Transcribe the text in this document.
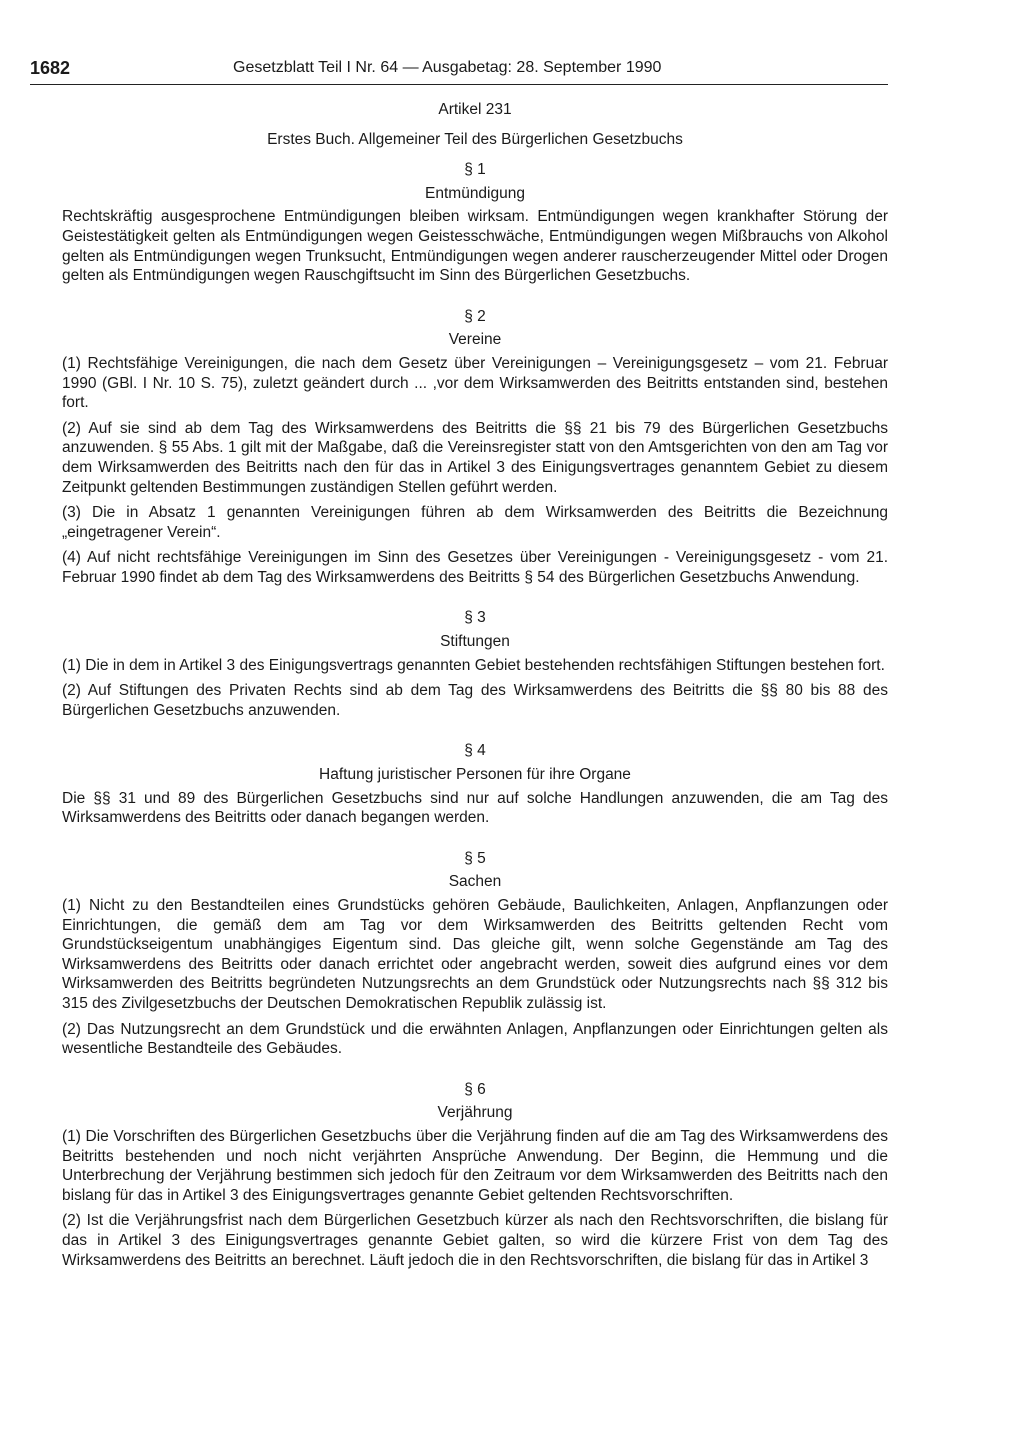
1682	Gesetzblatt Teil I Nr. 64 — Ausgabetag: 28. September 1990
Artikel 231
Erstes Buch. Allgemeiner Teil des Bürgerlichen Gesetzbuchs
§ 1
Entmündigung

Rechtskräftig ausgesprochene Entmündigungen bleiben wirksam. Entmündigungen wegen krankhafter Störung der Geistestätigkeit gelten als Entmündigungen wegen Geistesschwäche, Entmündigungen wegen Mißbrauchs von Alkohol gelten als Entmündigungen wegen Trunksucht, Entmündigungen wegen anderer rauscherzeugender Mittel oder Drogen gelten als Entmündigungen wegen Rauschgiftsucht im Sinn des Bürgerlichen Gesetzbuchs.

§ 2
Vereine

(1) Rechtsfähige Vereinigungen, die nach dem Gesetz über Vereinigungen – Vereinigungsgesetz – vom 21. Februar 1990 (GBl. I Nr. 10 S. 75), zuletzt geändert durch ... ,vor dem Wirksamwerden des Beitritts entstanden sind, bestehen fort.

(2) Auf sie sind ab dem Tag des Wirksamwerdens des Beitritts die §§ 21 bis 79 des Bürgerlichen Gesetzbuchs anzuwenden. § 55 Abs. 1 gilt mit der Maßgabe, daß die Vereinsregister statt von den Amtsgerichten von den am Tag vor dem Wirksamwerden des Beitritts nach den für das in Artikel 3 des Einigungsvertrages genanntem Gebiet zu diesem Zeitpunkt geltenden Bestimmungen zuständigen Stellen geführt werden.

(3) Die in Absatz 1 genannten Vereinigungen führen ab dem Wirksamwerden des Beitritts die Bezeichnung „eingetragener Verein“.

(4) Auf nicht rechtsfähige Vereinigungen im Sinn des Gesetzes über Vereinigungen - Vereinigungsgesetz - vom 21. Februar 1990 findet ab dem Tag des Wirksamwerdens des Beitritts § 54 des Bürgerlichen Gesetzbuchs Anwendung.

§ 3
Stiftungen

(1) Die in dem in Artikel 3 des Einigungsvertrags genannten Gebiet bestehenden rechtsfähigen Stiftungen bestehen fort.

(2) Auf Stiftungen des Privaten Rechts sind ab dem Tag des Wirksamwerdens des Beitritts die §§ 80 bis 88 des Bürgerlichen Gesetzbuchs anzuwenden.

§ 4
Haftung juristischer Personen für ihre Organe

Die §§ 31 und 89 des Bürgerlichen Gesetzbuchs sind nur auf solche Handlungen anzuwenden, die am Tag des Wirksamwerdens des Beitritts oder danach begangen werden.

§ 5
Sachen

(1) Nicht zu den Bestandteilen eines Grundstücks gehören Gebäude, Baulichkeiten, Anlagen, Anpflanzungen oder Einrichtungen, die gemäß dem am Tag vor dem Wirksamwerden des Beitritts geltenden Recht vom Grundstückseigentum unabhängiges Eigentum sind. Das gleiche gilt, wenn solche Gegenstände am Tag des Wirksamwerdens des Beitritts oder danach errichtet oder angebracht werden, soweit dies aufgrund eines vor dem Wirksamwerden des Beitritts begründeten Nutzungsrechts an dem Grundstück oder Nutzungsrechts nach §§ 312 bis 315 des Zivilgesetzbuchs der Deutschen Demokratischen Republik zulässig ist.

(2) Das Nutzungsrecht an dem Grundstück und die erwähnten Anlagen, Anpflanzungen oder Einrichtungen gelten als wesentliche Bestandteile des Gebäudes.

§ 6
Verjährung

(1) Die Vorschriften des Bürgerlichen Gesetzbuchs über die Verjährung finden auf die am Tag des Wirksamwerdens des Beitritts bestehenden und noch nicht verjährten Ansprüche Anwendung. Der Beginn, die Hemmung und die Unterbrechung der Verjährung bestimmen sich jedoch für den Zeitraum vor dem Wirksamwerden des Beitritts nach den bislang für das in Artikel 3 des Einigungsvertrages genannte Gebiet geltenden Rechtsvorschriften.

(2) Ist die Verjährungsfrist nach dem Bürgerlichen Gesetzbuch kürzer als nach den Rechtsvorschriften, die bislang für das in Artikel 3 des Einigungsvertrages genannte Gebiet galten, so wird die kürzere Frist von dem Tag des Wirksamwerdens des Beitritts an berechnet. Läuft jedoch die in den Rechtsvorschriften, die bislang für das in Artikel 3
